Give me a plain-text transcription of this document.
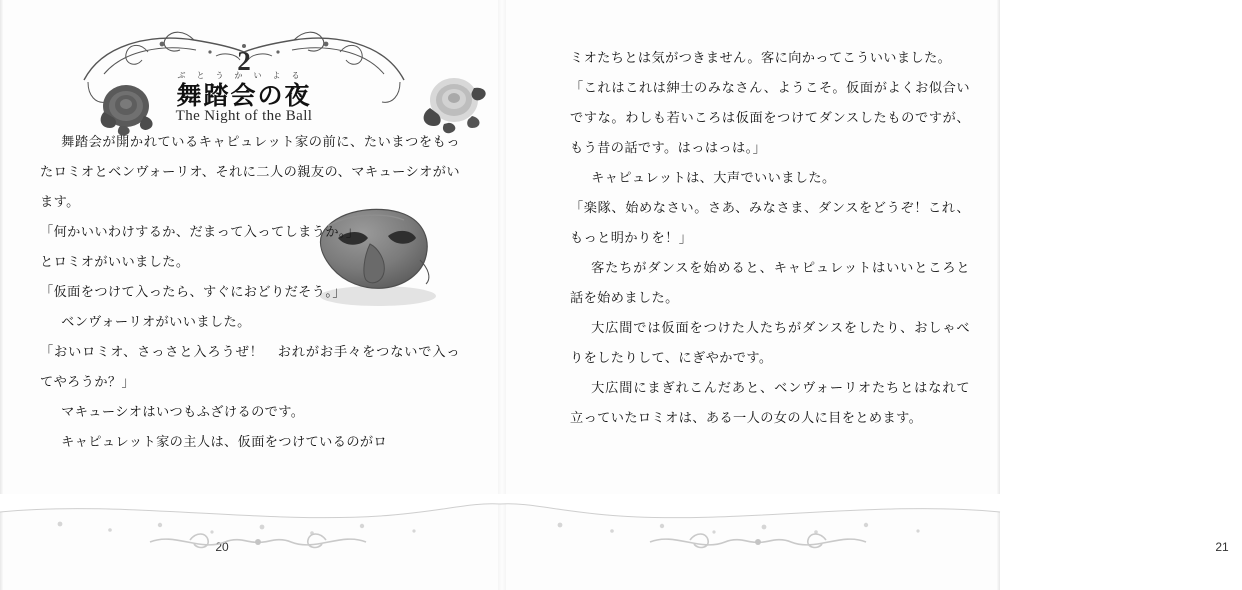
2
ぶとうかいよる
舞踏会の夜
The Night of the Ball

舞踏会が開かれているキャピュレット家の前に、たいまつをもったロミオとベンヴォーリオ、それに二人の親友の、マキューシオがいます。

「何かいいわけするか、だまって入ってしまうか。」

とロミオがいいました。

「仮面をつけて入ったら、すぐにおどりだそう。」

ベンヴォーリオがいいました。

「おいロミオ、さっさと入ろうぜ！　おれがお手々をつないで入ってやろうか？」

マキューシオはいつもふざけるのです。

キャピュレット家の主人は、仮面をつけているのがロ

20

ミオたちとは気がつきません。客に向かってこういいました。

「これはこれは紳士のみなさん、ようこそ。仮面がよくお似合いですな。わしも若いころは仮面をつけてダンスしたものですが、もう昔の話です。はっはっは。」

キャピュレットは、大声でいいました。

「楽隊、始めなさい。さあ、みなさま、ダンスをどうぞ！これ、もっと明かりを！」

客たちがダンスを始めると、キャピュレットはいいところと話を始めました。

大広間では仮面をつけた人たちがダンスをしたり、おしゃべりをしたりして、にぎやかです。

大広間にまぎれこんだあと、ベンヴォーリオたちとはなれて立っていたロミオは、ある一人の女の人に目をとめます。

21
